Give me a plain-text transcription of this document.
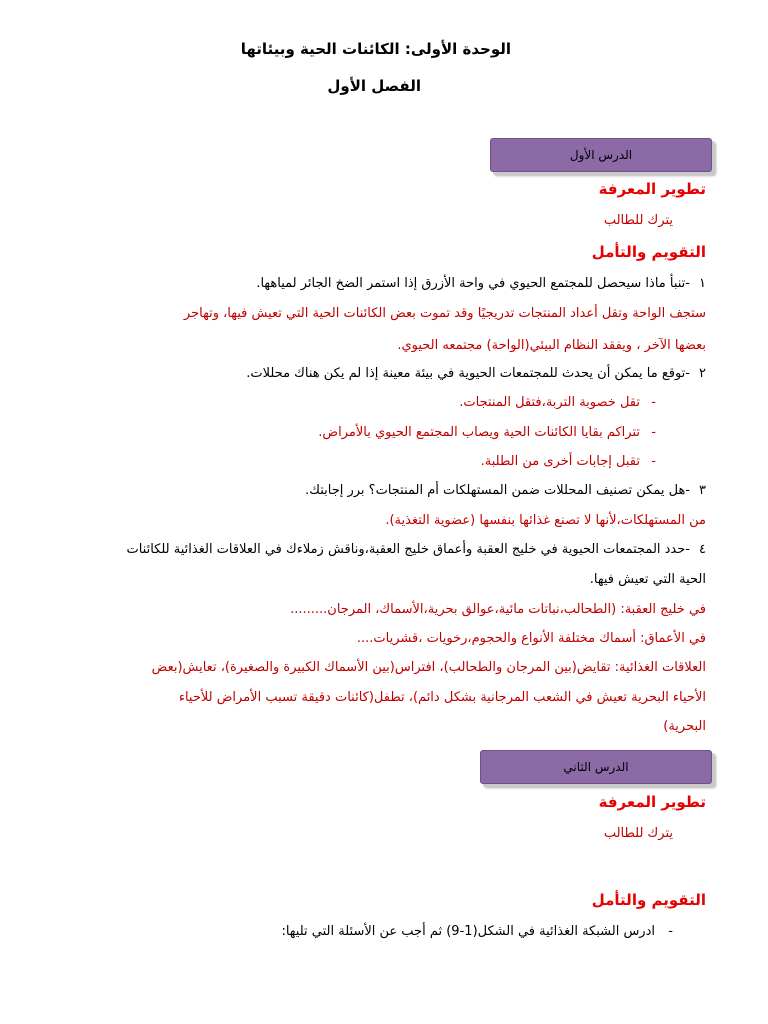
الوحدة الأولى: الكائنات الحية وبيئاتها
الفصل الأول
الدرس الأول
تطوير المعرفة
يترك للطالب
التقويم والتأمل
١
-تنبأ ماذا سيحصل للمجتمع الحيوي في واحة الأزرق إذا استمر الضخ الجائر لمياهها.
ستجف الواحة وتقل أعداد المنتجات تدريجيًا وقد تموت بعض الكائنات الحية التي تعيش فيها، وتهاجر
بعضها الآخر ، ويفقد النظام البيئي(الواحة) مجتمعه الحيوي.
٢
-توقع ما يمكن أن يحدث للمجتمعات الحيوية في بيئة معينة إذا لم يكن هناك محللات.
-
تقل خصوبة التربة،فتقل المنتجات.
-
تتراكم بقايا الكائنات الحية ويصاب المجتمع الحيوي بالأمراض.
-
تقبل إجابات أخرى من الطلبة.
٣
-هل يمكن تصنيف المحللات ضمن المستهلكات أم المنتجات؟ برر إجابتك.
من المستهلكات،لأنها لا تصنع غذائها بنفسها (عضوية التغذية).
٤
-حدد المجتمعات الحيوية في خليج العقبة وأعماق خليج العقبة،وناقش زملاءك في العلاقات الغذائية للكائنات
الحية التي تعيش فيها.
في خليج العقبة: (الطحالب،نباتات مائية،عوالق بحرية،الأسماك، المرجان.........
في الأعماق: أسماك مختلفة الأنواع والحجوم،رخويات ،قشريات....
العلاقات الغذائية: تقايض(بين المرجان والطحالب)، افتراس(بين الأسماك الكبيرة والصغيرة)، تعايش(بعض
الأحياء البحرية تعيش في الشعب المرجانية بشكل دائم)، تطفل(كائنات دقيقة تسبب الأمراض للأحياء
البحرية)
الدرس الثاني
تطوير المعرفة
يترك للطالب
التقويم والتأمل
-
ادرس الشبكة الغذائية في الشكل(1-9) ثم أجب عن الأسئلة التي تليها:
